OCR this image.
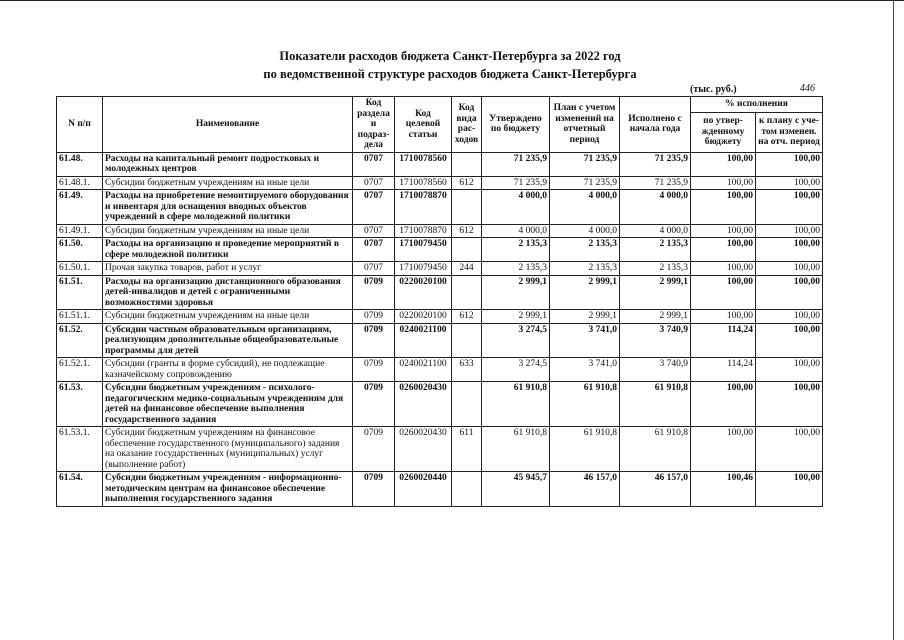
Показатели расходов бюджета Санкт-Петербурга за 2022 год
по ведомственной структуре расходов бюджета Санкт-Петербурга
(тыс. руб.)	446
N п/п	Наименование	Код раздела и подраз-дела	Код целевой статьи	Код вида рас-ходов	Утверждено по бюджету	План с учетом изменений на отчетный период	Исполнено с начала года	% исполнения	
								по утвер-жденному бюджету	к плану с уче-том изменен. на отч. период
61.48.	Расходы на капитальный ремонт подростковых и молодежных центров	0707	1710078560		71 235,9	71 235,9	71 235,9	100,00	100,00
61.48.1.	Субсидии бюджетным учреждениям на иные цели	0707	1710078560	612	71 235,9	71 235,9	71 235,9	100,00	100,00
61.49.	Расходы на приобретение немонтируемого оборудования и инвентаря для оснащения вводных объектов учреждений в сфере молодежной политики	0707	1710078870		4 000,0	4 000,0	4 000,0	100,00	100,00
61.49.1.	Субсидии бюджетным учреждениям на иные цели	0707	1710078870	612	4 000,0	4 000,0	4 000,0	100,00	100,00
61.50.	Расходы на организацию и проведение мероприятий в сфере молодежной политики	0707	1710079450		2 135,3	2 135,3	2 135,3	100,00	100,00
61.50.1.	Прочая закупка товаров, работ и услуг	0707	1710079450	244	2 135,3	2 135,3	2 135,3	100,00	100,00
61.51.	Расходы на организацию дистанционного образования детей-инвалидов и детей с ограниченными возможностями здоровья	0709	0220020100		2 999,1	2 999,1	2 999,1	100,00	100,00
61.51.1.	Субсидии бюджетным учреждениям на иные цели	0709	0220020100	612	2 999,1	2 999,1	2 999,1	100,00	100,00
61.52.	Субсидии частным образовательным организациям, реализующим дополнительные общеобразовательные программы для детей	0709	0240021100		3 274,5	3 741,0	3 740,9	114,24	100,00
61.52.1.	Субсидии (гранты в форме субсидий), не подлежащие казначейскому сопровождению	0709	0240021100	633	3 274,5	3 741,0	3 740,9	114,24	100,00
61.53.	Субсидии бюджетным учреждениям - психолого-педагогическим медико-социальным учреждениям для детей на финансовое обеспечение выполнения государственного задания	0709	0260020430		61 910,8	61 910,8	61 910,8	100,00	100,00
61.53.1.	Субсидии бюджетным учреждениям на финансовое обеспечение государственного (муниципального) задания на оказание государственных (муниципальных) услуг (выполнение работ)	0709	0260020430	611	61 910,8	61 910,8	61 910,8	100,00	100,00
61.54.	Субсидии бюджетным учреждениям - информационно-методическим центрам на финансовое обеспечение выполнения государственного задания	0709	0260020440		45 945,7	46 157,0	46 157,0	100,46	100,00
